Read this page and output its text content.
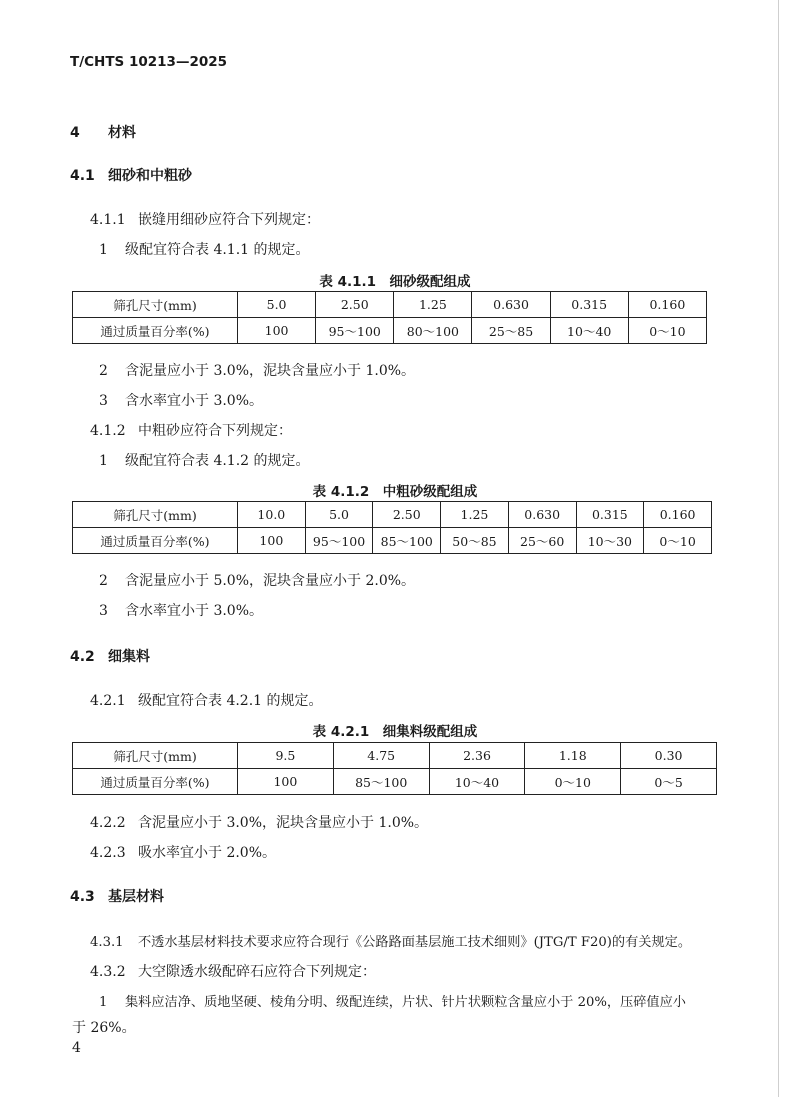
T/CHTS 10213—2025
4 材料
4.1 细砂和中粗砂
4.1.1 嵌缝用细砂应符合下列规定：
1 级配宜符合表 4.1.1 的规定。
表 4.1.1　细砂级配组成
筛孔尺寸(mm)	5.0	2.50	1.25	0.630	0.315	0.160
通过质量百分率(%)	100	95～100	80～100	25～85	10～40	0～10
2 含泥量应小于 3.0%，泥块含量应小于 1.0%。
3 含水率宜小于 3.0%。
4.1.2 中粗砂应符合下列规定：
1 级配宜符合表 4.1.2 的规定。
表 4.1.2　中粗砂级配组成
筛孔尺寸(mm)	10.0	5.0	2.50	1.25	0.630	0.315	0.160
通过质量百分率(%)	100	95～100	85～100	50～85	25～60	10～30	0～10
2 含泥量应小于 5.0%，泥块含量应小于 2.0%。
3 含水率宜小于 3.0%。
4.2 细集料
4.2.1 级配宜符合表 4.2.1 的规定。
表 4.2.1　细集料级配组成
筛孔尺寸(mm)	9.5	4.75	2.36	1.18	0.30
通过质量百分率(%)	100	85～100	10～40	0～10	0～5
4.2.2 含泥量应小于 3.0%，泥块含量应小于 1.0%。
4.2.3 吸水率宜小于 2.0%。
4.3 基层材料
4.3.1 不透水基层材料技术要求应符合现行《公路路面基层施工技术细则》(JTG/T F20)的有关规定。
4.3.2 大空隙透水级配碎石应符合下列规定：
1 集料应洁净、质地坚硬、棱角分明、级配连续，片状、针片状颗粒含量应小于 20%，压碎值应小
于 26%。
4
